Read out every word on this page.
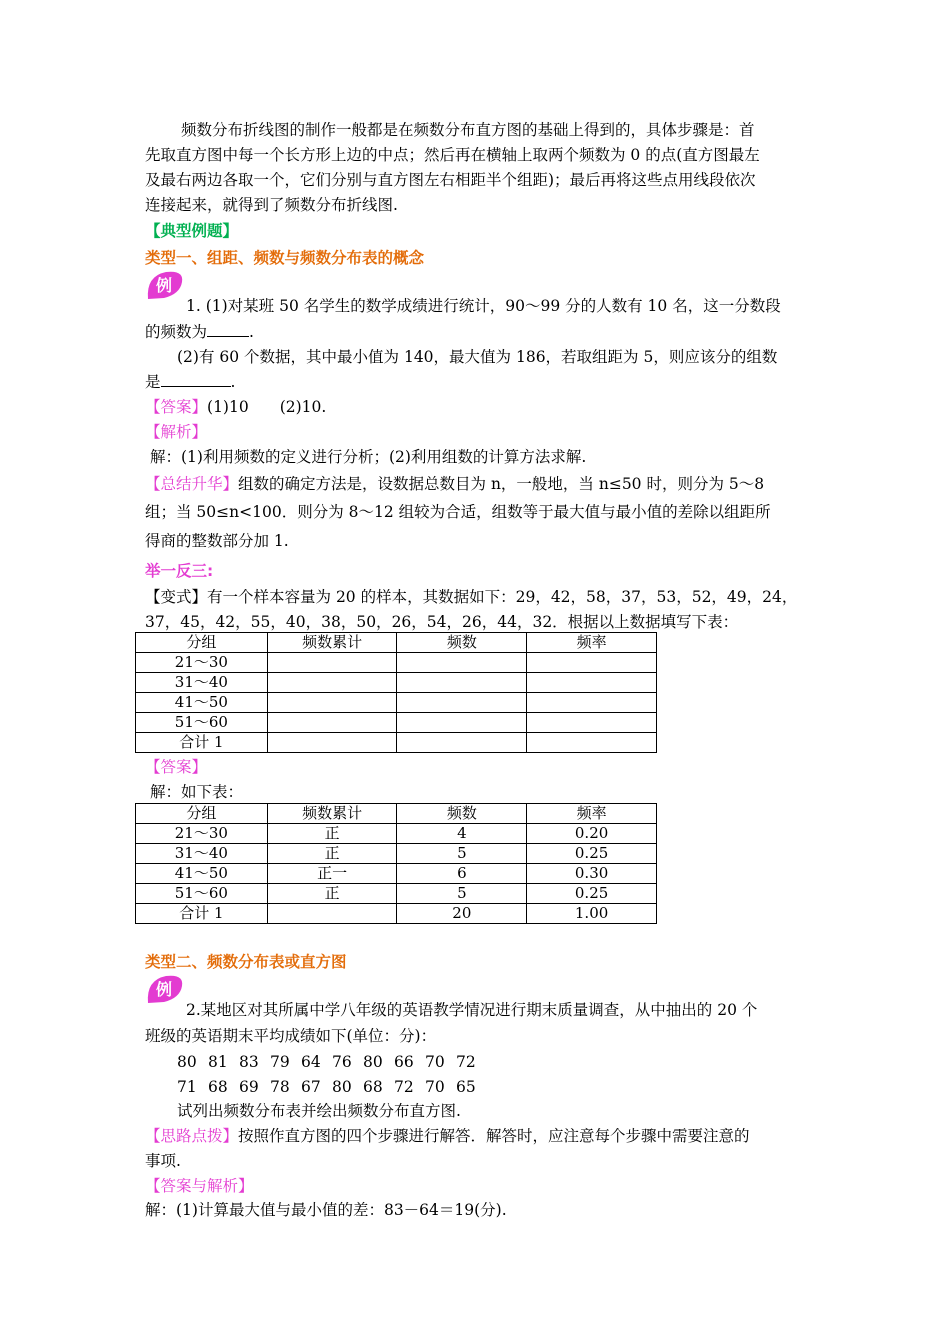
频数分布折线图的制作一般都是在频数分布直方图的基础上得到的，具体步骤是：首
先取直方图中每一个长方形上边的中点；然后再在横轴上取两个频数为 0 的点(直方图最左
及最右两边各取一个，它们分别与直方图左右相距半个组距)；最后再将这些点用线段依次
连接起来，就得到了频数分布折线图.
【典型例题】
类型一、组距、频数与频数分布表的概念
例
1. (1)对某班 50 名学生的数学成绩进行统计，90～99 分的人数有 10 名，这一分数段
的频数为	.
(2)有 60 个数据，其中最小值为 140，最大值为 186，若取组距为 5，则应该分的组数
是	.
【答案】(1)10　　(2)10.
【解析】
解：(1)利用频数的定义进行分析；(2)利用组数的计算方法求解.
【总结升华】组数的确定方法是，设数据总数目为 n，一般地，当 n≤50 时，则分为 5～8
组；当 50≤n<100．则分为 8～12 组较为合适，组数等于最大值与最小值的差除以组距所
得商的整数部分加 1.
举一反三:
【变式】有一个样本容量为 20 的样本，其数据如下：29，42，58，37，53，52，49，24，
37，45，42，55，40，38，50，26，54，26，44，32．根据以上数据填写下表：
分组	频数累计	频数	频率
21～30			
31～40			
41～50			
51～60			
合计 1			
【答案】
解：如下表：
分组	频数累计	频数	频率
21～30	正	4	0.20
31～40	正	5	0.25
41～50	正一	6	0.30
51～60	正	5	0.25
合计 1		20	1.00
类型二、频数分布表或直方图
例
2.某地区对其所属中学八年级的英语教学情况进行期末质量调查，从中抽出的 20 个
班级的英语期末平均成绩如下(单位：分)：
80 81 83 79 64 76 80 66 70 72
71 68 69 78 67 80 68 72 70 65
试列出频数分布表并绘出频数分布直方图.
【思路点拨】按照作直方图的四个步骤进行解答．解答时，应注意每个步骤中需要注意的
事项.
【答案与解析】
解：(1)计算最大值与最小值的差：83－64＝19(分).
